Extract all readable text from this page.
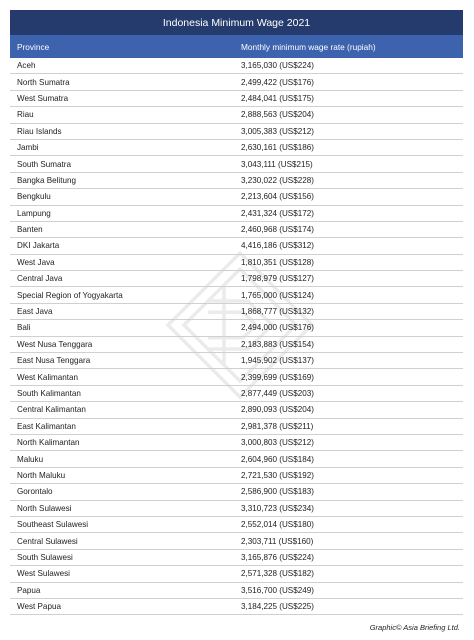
Indonesia Minimum Wage 2021
Province	Monthly minimum wage rate (rupiah)
Aceh	3,165,030 (US$224)
North Sumatra	2,499,422 (US$176)
West Sumatra	2,484,041 (US$175)
Riau	2,888,563 (US$204)
Riau Islands	3,005,383 (US$212)
Jambi	2,630,161 (US$186)
South Sumatra	3,043,111 (US$215)
Bangka Belitung	3,230,022 (US$228)
Bengkulu	2,213,604 (US$156)
Lampung	2,431,324 (US$172)
Banten	2,460,968 (US$174)
DKI Jakarta	4,416,186 (US$312)
West Java	1,810,351 (US$128)
Central Java	1,798,979 (US$127)
Special Region of Yogyakarta	1,765,000 (US$124)
East Java	1,868,777 (US$132)
Bali	2,494,000 (US$176)
West Nusa Tenggara	2,183,883 (US$154)
East Nusa Tenggara	1,945,902 (US$137)
West Kalimantan	2,399,699 (US$169)
South Kalimantan	2,877,449 (US$203)
Central Kalimantan	2,890,093 (US$204)
East Kalimantan	2,981,378 (US$211)
North Kalimantan	3,000,803 (US$212)
Maluku	2,604,960 (US$184)
North Maluku	2,721,530 (US$192)
Gorontalo	2,586,900 (US$183)
North Sulawesi	3,310,723 (US$234)
Southeast Sulawesi	2,552,014 (US$180)
Central Sulawesi	2,303,711 (US$160)
South Sulawesi	3,165,876 (US$224)
West Sulawesi	2,571,328 (US$182)
Papua	3,516,700 (US$249)
West Papua	3,184,225 (US$225)
Graphic© Asia Briefing Ltd.
